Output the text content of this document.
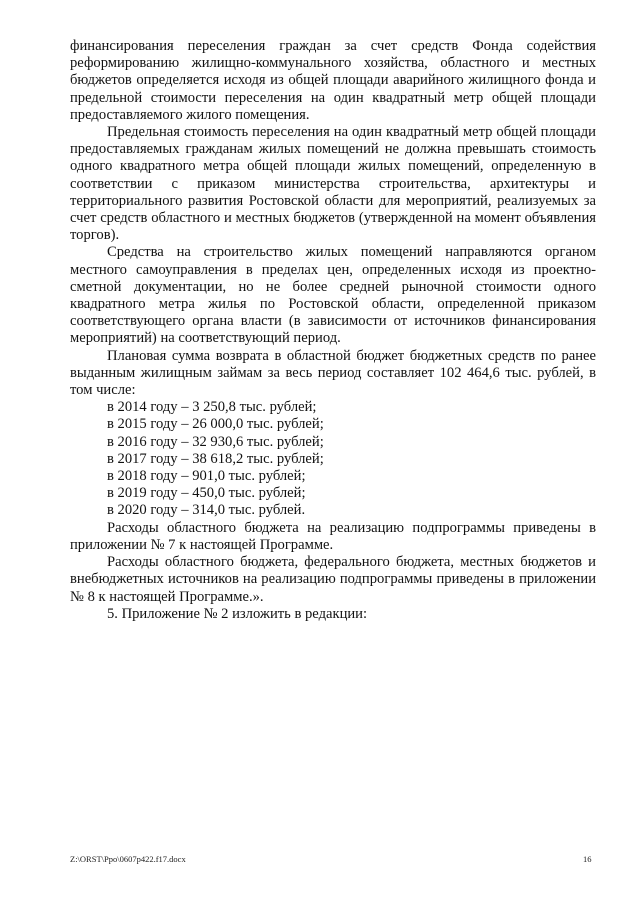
финансирования переселения граждан за счет средств Фонда содействия реформированию жилищно-коммунального хозяйства, областного и местных бюджетов определяется исходя из общей площади аварийного жилищного фонда и предельной стоимости переселения на один квадратный метр общей площади предоставляемого жилого помещения.

Предельная стоимость переселения на один квадратный метр общей площади предоставляемых гражданам жилых помещений не должна превышать стоимость одного квадратного метра общей площади жилых помещений, определенную в соответствии с приказом министерства строительства, архитектуры и территориального развития Ростовской области для мероприятий, реализуемых за счет средств областного и местных бюджетов (утвержденной на момент объявления торгов).

Средства на строительство жилых помещений направляются органом местного самоуправления в пределах цен, определенных исходя из проектно-сметной документации, но не более средней рыночной стоимости одного квадратного метра жилья по Ростовской области, определенной приказом соответствующего органа власти (в зависимости от источников финансирования мероприятий) на соответствующий период.

Плановая сумма возврата в областной бюджет бюджетных средств по ранее выданным жилищным займам за весь период составляет 102 464,6 тыс. рублей, в том числе:

в 2014 году – 3 250,8 тыс. рублей;
в 2015 году – 26 000,0 тыс. рублей;
в 2016 году – 32 930,6 тыс. рублей;
в 2017 году – 38 618,2 тыс. рублей;
в 2018 году – 901,0 тыс. рублей;
в 2019 году – 450,0 тыс. рублей;
в 2020 году – 314,0 тыс. рублей.

Расходы областного бюджета на реализацию подпрограммы приведены в приложении № 7 к настоящей Программе.

Расходы областного бюджета, федерального бюджета, местных бюджетов и внебюджетных источников на реализацию подпрограммы приведены в приложении № 8 к настоящей Программе.».

5. Приложение № 2 изложить в редакции:

Z:\ORST\Ppo\0607p422.f17.docx	16
